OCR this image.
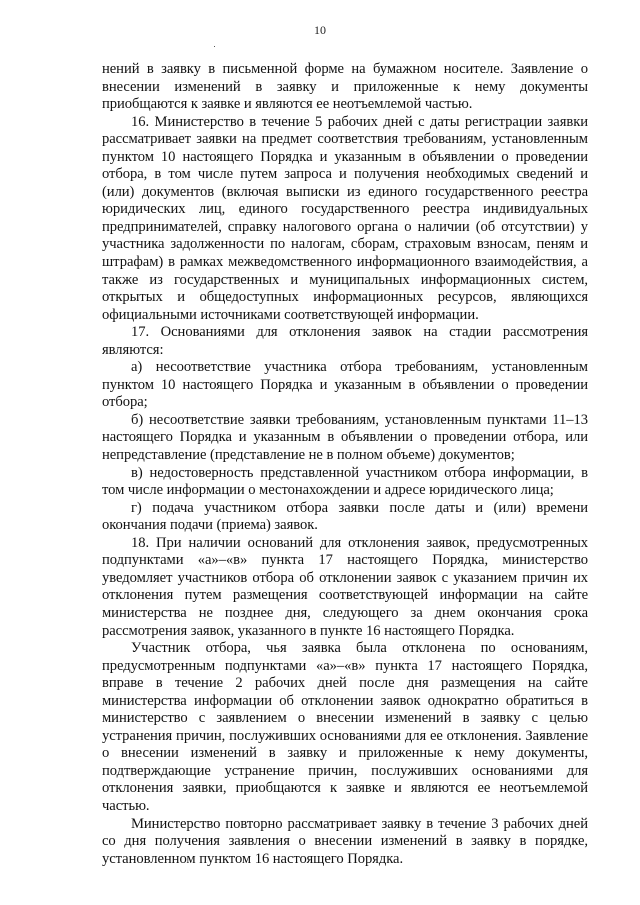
10

нений в заявку в письменной форме на бумажном носителе. Заявление о внесении изменений в заявку и приложенные к нему документы приобщаются к заявке и являются ее неотъемлемой частью.

16. Министерство в течение 5 рабочих дней с даты регистрации заявки рассматривает заявки на предмет соответствия требованиям, установленным пунктом 10 настоящего Порядка и указанным в объявлении о проведении отбора, в том числе путем запроса и получения необходимых сведений и (или) документов (включая выписки из единого государственного реестра юридических лиц, единого государственного реестра индивидуальных предпринимателей, справку налогового органа о наличии (об отсутствии) у участника задолженности по налогам, сборам, страховым взносам, пеням и штрафам) в рамках межведомственного информационного взаимодействия, а также из государственных и муниципальных информационных систем, открытых и общедоступных информационных ресурсов, являющихся официальными источниками соответствующей информации.

17. Основаниями для отклонения заявок на стадии рассмотрения являются:

а) несоответствие участника отбора требованиям, установленным пунктом 10 настоящего Порядка и указанным в объявлении о проведении отбора;

б) несоответствие заявки требованиям, установленным пунктами 11–13 настоящего Порядка и указанным в объявлении о проведении отбора, или непредставление (представление не в полном объеме) документов;

в) недостоверность представленной участником отбора информации, в том числе информации о местонахождении и адресе юридического лица;

г) подача участником отбора заявки после даты и (или) времени окончания подачи (приема) заявок.

18. При наличии оснований для отклонения заявок, предусмотренных подпунктами «а»–«в» пункта 17 настоящего Порядка, министерство уведомляет участников отбора об отклонении заявок с указанием причин их отклонения путем размещения соответствующей информации на сайте министерства не позднее дня, следующего за днем окончания срока рассмотрения заявок, указанного в пункте 16 настоящего Порядка.

Участник отбора, чья заявка была отклонена по основаниям, предусмотренным подпунктами «а»–«в» пункта 17 настоящего Порядка, вправе в течение 2 рабочих дней после дня размещения на сайте министерства информации об отклонении заявок однократно обратиться в министерство с заявлением о внесении изменений в заявку с целью устранения причин, послуживших основаниями для ее отклонения. Заявление о внесении изменений в заявку и приложенные к нему документы, подтверждающие устранение причин, послуживших основаниями для отклонения заявки, приобщаются к заявке и являются ее неотъемлемой частью.

Министерство повторно рассматривает заявку в течение 3 рабочих дней со дня получения заявления о внесении изменений в заявку в порядке, установленном пунктом 16 настоящего Порядка.
